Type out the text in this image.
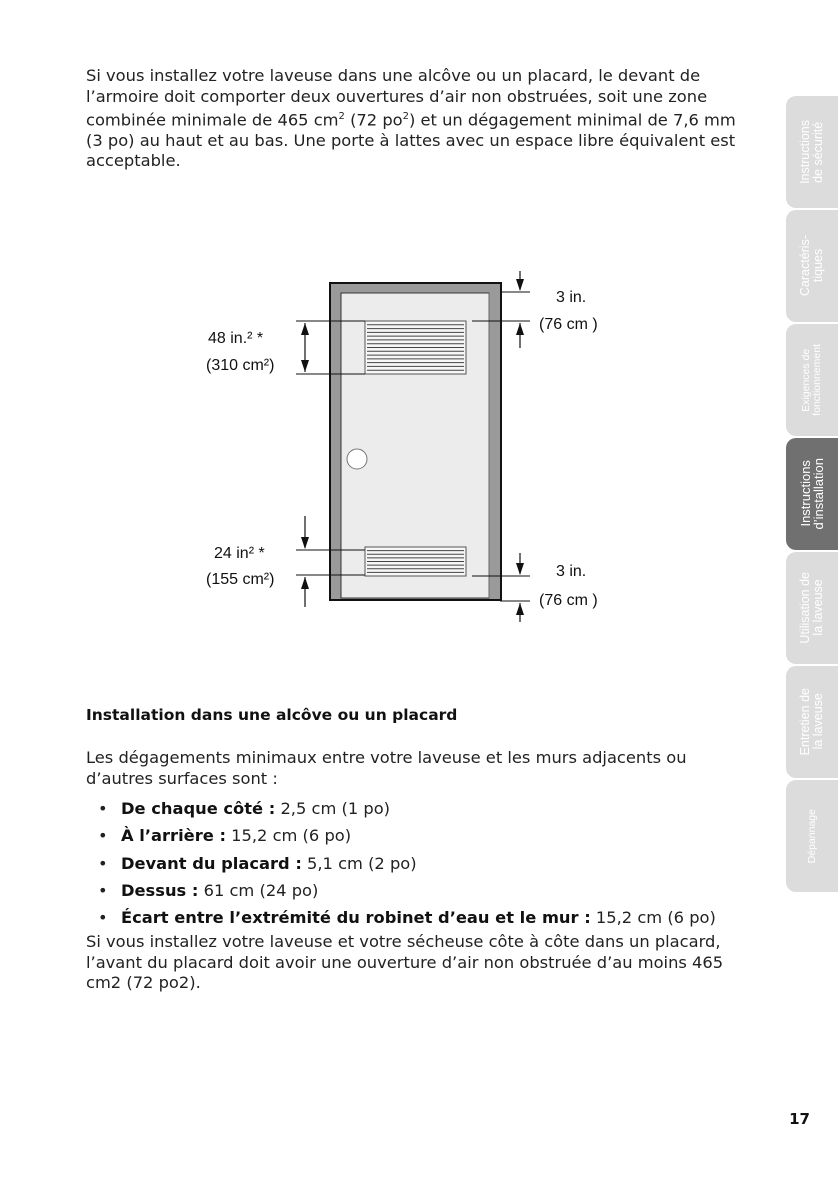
Si vous installez votre laveuse dans une alcôve ou un placard, le devant de l’armoire doit comporter deux ouvertures d’air non obstruées, soit une zone combinée minimale de 465 $cm^2$ (72 $po^2$) et un dégagement minimal de 7,6 mm (3 po) au haut et au bas. Une porte à lattes avec un espace libre équivalent est acceptable.

48 in.² *
(310 cm²)
24 in² *
(155 cm²)
3 in.
(76 cm )
3 in.
(76 cm )
Installation dans une alcôve ou un placard

Les dégagements minimaux entre votre laveuse et les murs adjacents ou d’autres surfaces sont :

• De chaque côté : 2,5 cm (1 po)
• À l’arrière : 15,2 cm (6 po)
• Devant du placard : 5,1 cm (2 po)
• Dessus : 61 cm (24 po)
• Écart entre l’extrémité du robinet d’eau et le mur : 15,2 cm (6 po)

Si vous installez votre laveuse et votre sécheuse côte à côte dans un placard, l’avant du placard doit avoir une ouverture d’air non obstruée d’au moins 465 cm2 (72 po2).

17
Instructions
de sécurité
Caractéris-
tiques
Exigences de
fonctionnement
Instructions
d’installation
Utilisation de
la laveuse
Entretien de
la laveuse
Dépannage
